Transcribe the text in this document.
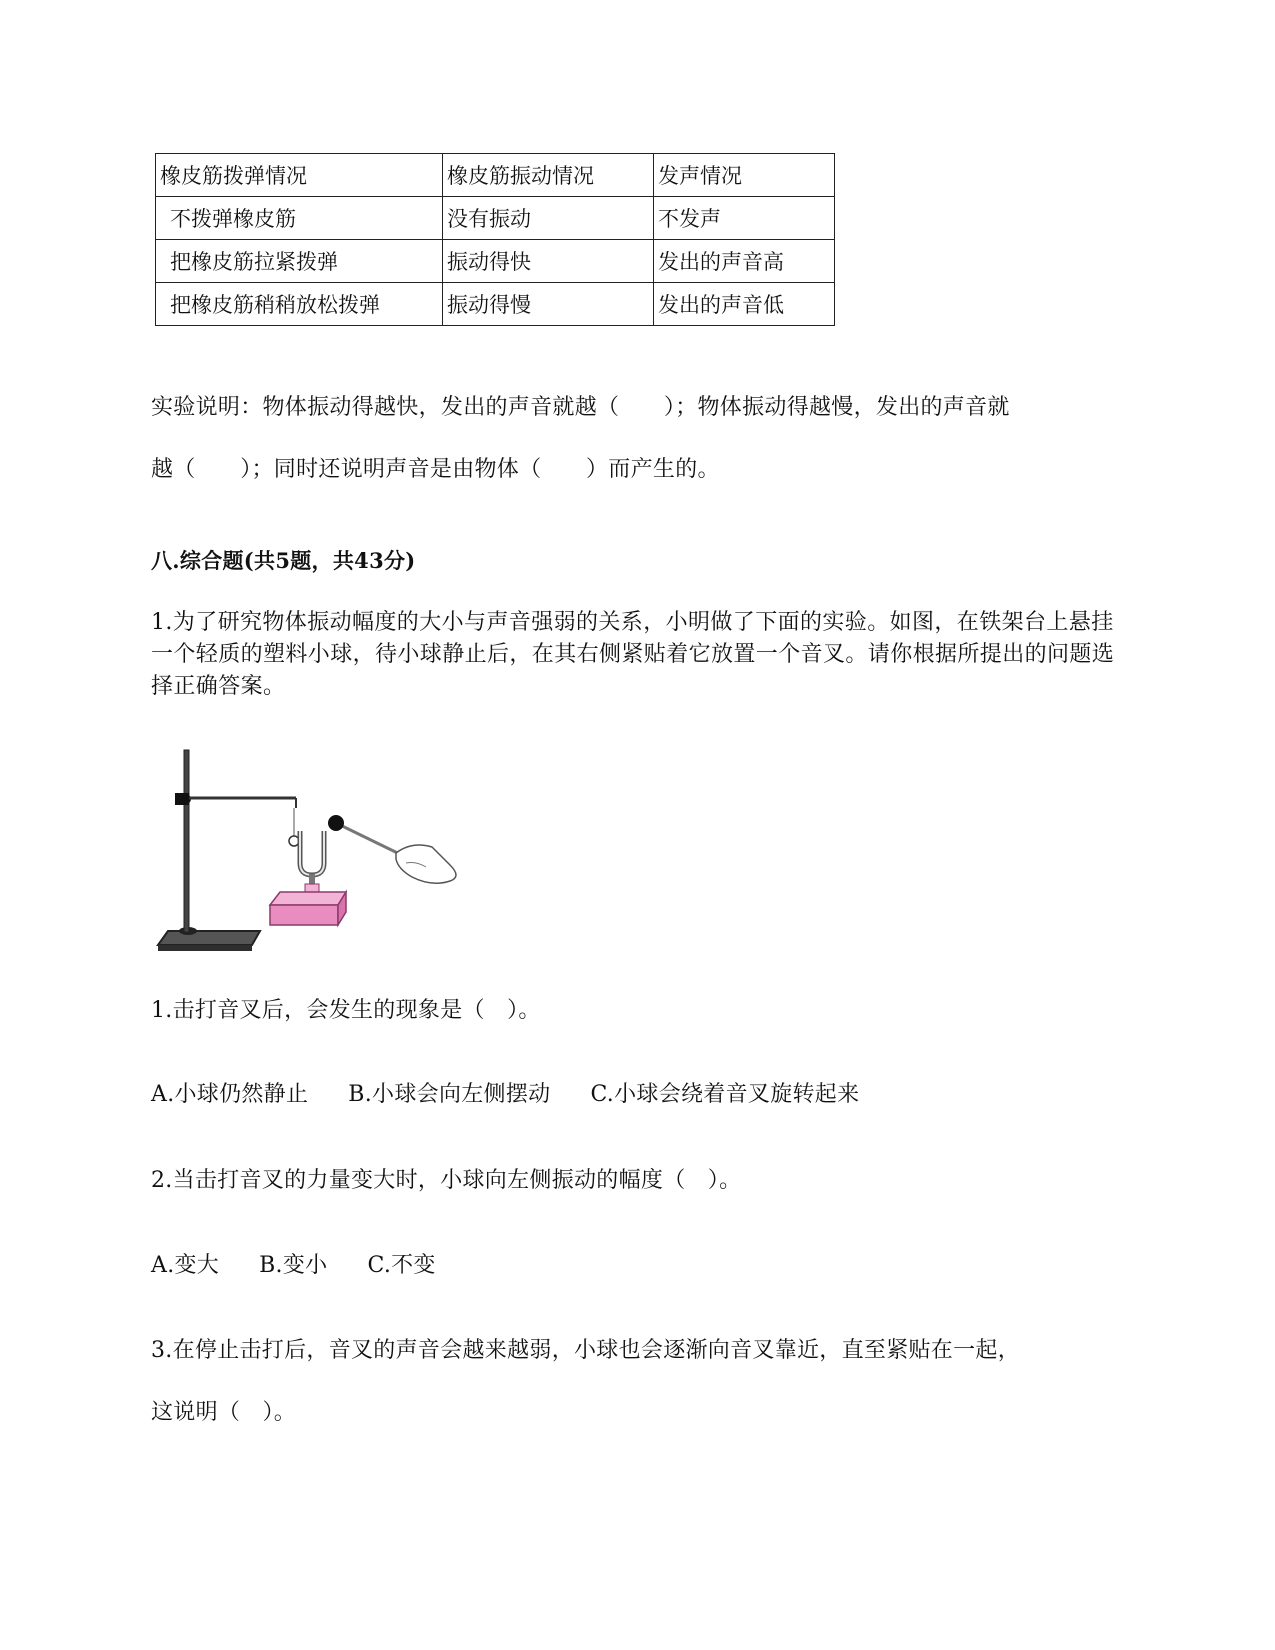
橡皮筋拨弹情况	橡皮筋振动情况	发声情况
不拨弹橡皮筋	没有振动	不发声
把橡皮筋拉紧拨弹	振动得快	发出的声音高
把橡皮筋稍稍放松拨弹	振动得慢	发出的声音低
实验说明：物体振动得越快，发出的声音就越（　　）；物体振动得越慢，发出的声音就
越（　　）；同时还说明声音是由物体（　　）而产生的。
八.综合题(共5题，共43分)
1.为了研究物体振动幅度的大小与声音强弱的关系，小明做了下面的实验。如图，在铁架台上悬挂一个轻质的塑料小球，待小球静止后，在其右侧紧贴着它放置一个音叉。请你根据所提出的问题选择正确答案。
1.击打音叉后，会发生的现象是（　）。
A.小球仍然静止 B.小球会向左侧摆动 C.小球会绕着音叉旋转起来
2.当击打音叉的力量变大时，小球向左侧振动的幅度（　）。
A.变大 B.变小 C.不变
3.在停止击打后，音叉的声音会越来越弱，小球也会逐渐向音叉靠近，直至紧贴在一起，
这说明（　）。
